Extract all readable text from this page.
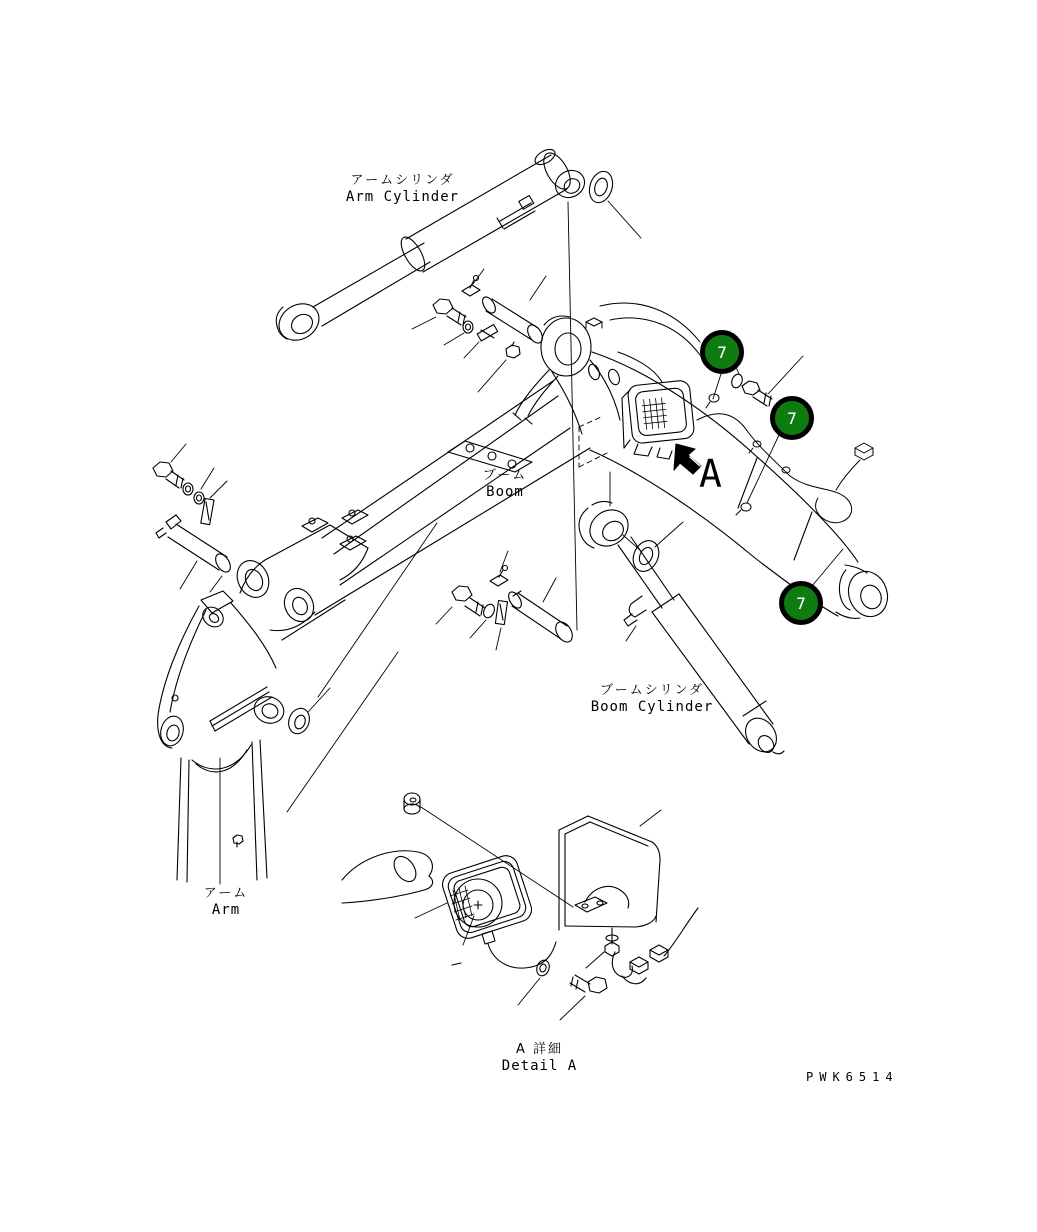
アームシリンダ
Arm Cylinder
ブーム
Boom
ブームシリンダ
Boom Cylinder
アーム
Arm
A 詳細
Detail A
A
PWK6514
7
7
7
